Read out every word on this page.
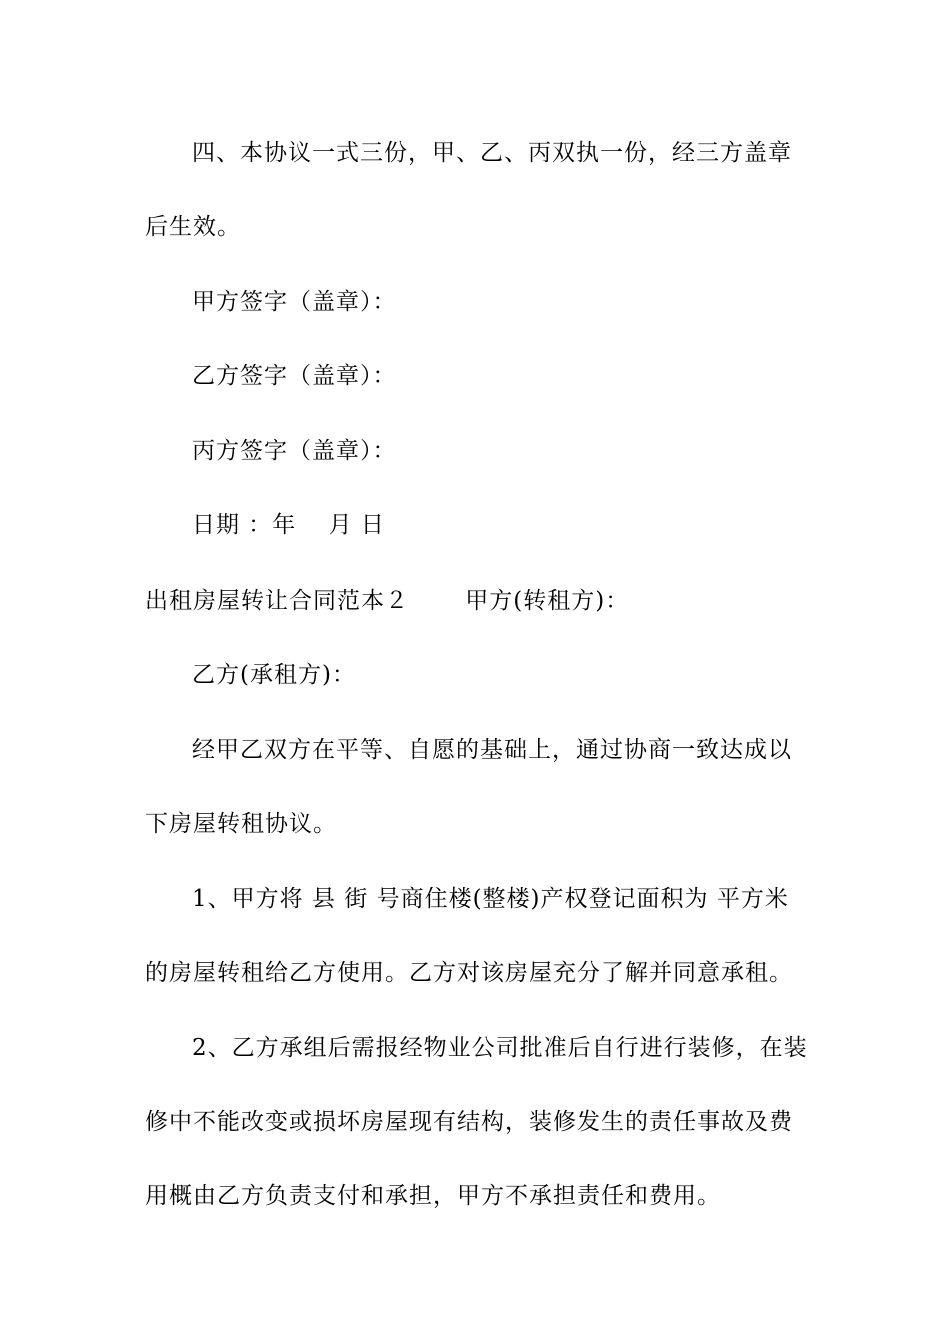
四、本协议一式三份，甲、乙、丙双执一份，经三方盖章
后生效。
甲方签字（盖章）：
乙方签字（盖章）：
丙方签字（盖章）：
日期 ：年　 月 日
出租房屋转让合同范本２　　 甲方(转租方)：
乙方(承租方)：
经甲乙双方在平等、自愿的基础上，通过协商一致达成以
下房屋转租协议。
1、甲方将 县 街 号商住楼(整楼)产权登记面积为 平方米
的房屋转租给乙方使用。乙方对该房屋充分了解并同意承租。
2、乙方承组后需报经物业公司批准后自行进行装修，在装
修中不能改变或损坏房屋现有结构，装修发生的责任事故及费
用概由乙方负责支付和承担，甲方不承担责任和费用。
